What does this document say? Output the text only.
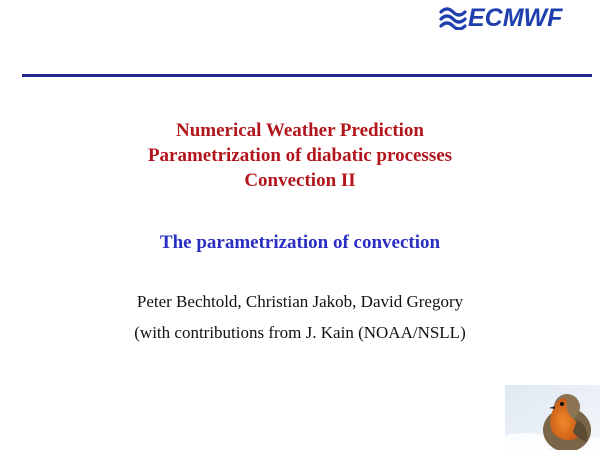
ECMWF
Numerical Weather Prediction
Parametrization of diabatic processes
Convection II
The parametrization of convection
Peter Bechtold, Christian Jakob, David Gregory
(with contributions from J. Kain (NOAA/NSLL)
